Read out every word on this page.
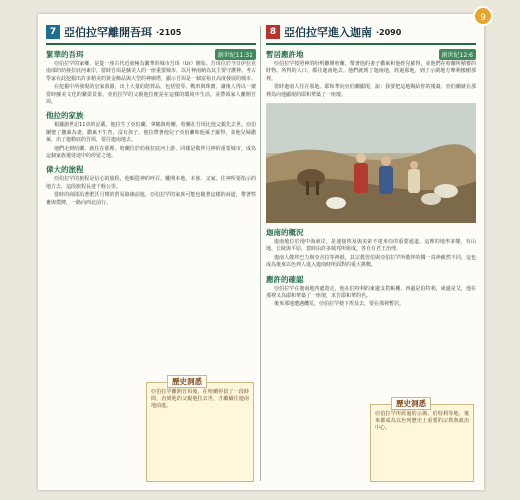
9
7 亞伯拉罕離開吾珥 ·2105
緊華的吾珥	創世紀11:31

亞伯拉罕的家鄉，是從一座古代近東極為繁華的城市吾珥（Ur）開始。吾珥位於今日伊拉克南部的幼發拉底河東岸，當時吾珥是蘇美人的一座重要城市，以月神南納為其主要守護神。考古學家在此挖掘出許多精美的黃金飾品與大型的神廟塔，顯示吾珥是一個富裕且高度發展的城市。

在挖掘中所發現的皇家墓園，出土大量的陪葬品，包括豎琴、戰車與珠寶，讓後人得以一窺當時蘇美文化的繁榮景象。亞伯拉罕的父親他拉便是在這樣的環境中生活，並帶領家人離開吾珥。

他拉的家族

根據創世記11章的記載，他拉生了亞伯蘭、拿鶴與哈蘭，哈蘭在吾珥比他父親先去世。亞伯蘭娶了撒萊為妻，撒萊不生育，沒有孩子。他拉帶著他兒子亞伯蘭和他孫子羅得，並他兒婦撒萊，出了迦勒底的吾珥，要往迦南地去。

他們走到哈蘭，就住在那裡。哈蘭位於幼發拉底河上游，同樣是敬拜月神的重要城市，成為這個家族遷徙途中的停留之地。

偉大的旅程

亞伯拉罕的旅程是信心的旅程，他順從神的呼召，離開本地、本族、父家，往神所要指示的地方去，這段旅程長達千餘公里。

當時的商隊沿著肥沃月彎的貿易路線前進，亞伯拉罕的家族可能也隨著這樣的商道，帶著牲畜與僕婢，一路向西北前行。

歷史洞悉
亞伯拉罕離開吾珥後，在哈蘭停留了一段時間，直到他的父親他拉去世，才繼續往迦南地前進。
8 亞伯拉罕進入迦南 ·2090
暫居應許地	創世紀12:6

亞伯拉罕按照神的吩咐離開哈蘭，帶著他的妻子撒萊和他姪兒羅得，並他們在哈蘭所積蓄的財物、所得的人口，都往迦南地去。他們就到了迦南地，經過那地，到了示劍地方摩利橡樹那裡。

當時迦南人住在那地。耶和華向亞伯蘭顯現，說：我要把這地賜給你的後裔。亞伯蘭就在那裡為向他顯現的耶和華築了一座壇。

迦南的概況

迦南地位於地中海東岸，是連接埃及與美索不達米亞的重要通道。這裡的地形多變，有山地、丘陵與平原，當時由許多城邦所組成，各自有君王治理。

迦南人敬拜巴力與亞舍拉等神祇，其宗教習俗與亞伯拉罕所敬拜的獨一真神截然不同，這也成為後來以色列人進入迦南時所面對的重大挑戰。

應許的確認

亞伯拉罕在迦南地四處遊走，他在伯特利的東邊支搭帳棚，西邊是伯特利，東邊是艾，他在那裡又為耶和華築了一座壇，求告耶和華的名。

後來那地遭遇饑荒，亞伯拉罕便下埃及去，要在那裡暫居。

歷史洞悉
亞伯拉罕所經過的示劍、伯特利等地，後來都成為以色列歷史上重要的宗教與政治中心。
